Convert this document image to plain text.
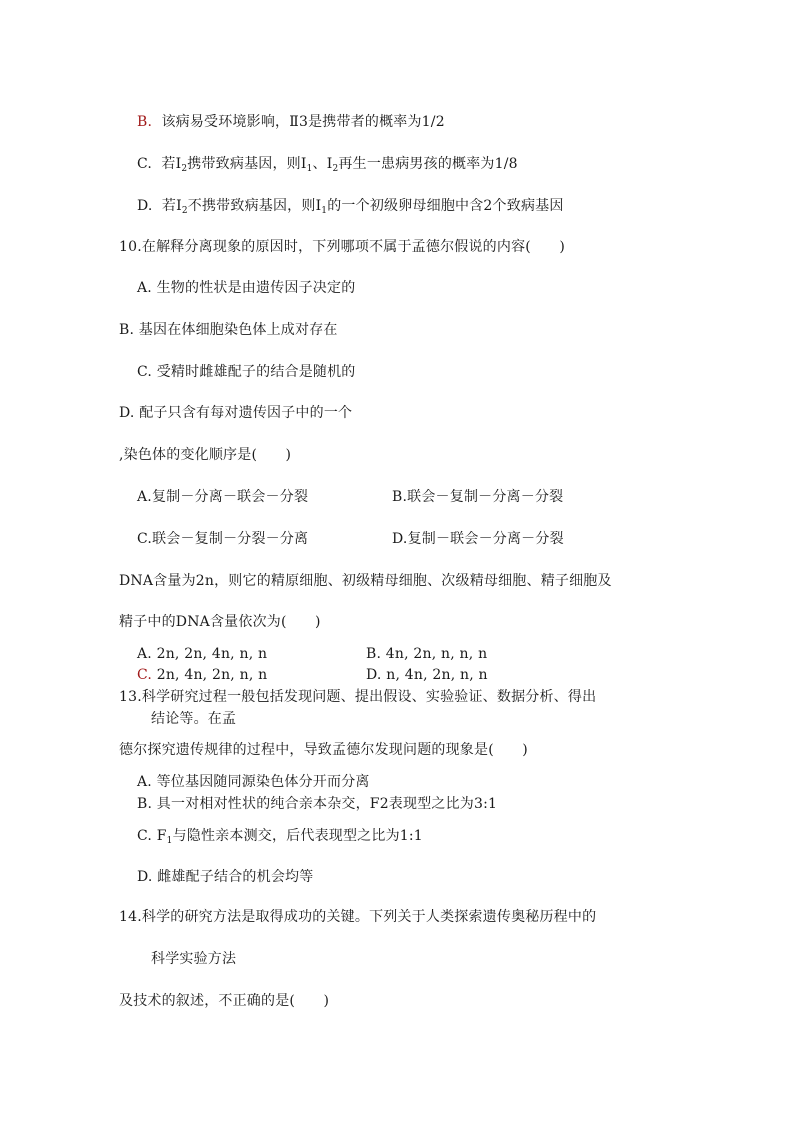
B. 该病易受环境影响，Ⅱ3是携带者的概率为1/2
C. 若$I_2$携带致病基因，则$I_1$、$I_2$再生一患病男孩的概率为1/8
D. 若$I_2$不携带致病基因，则$I_1$的一个初级卵母细胞中含2个致病基因
10.在解释分离现象的原因时，下列哪项不属于孟德尔假说的内容(　　)
A. 生物的性状是由遗传因子决定的
B. 基因在体细胞染色体上成对存在
C. 受精时雌雄配子的结合是随机的
D. 配子只含有每对遗传因子中的一个
,染色体的变化顺序是(　　)
A.复制－分离－联会－分裂	B.联会－复制－分离－分裂
C.联会－复制－分裂－分离	D.复制－联会－分离－分裂
DNA含量为2n，则它的精原细胞、初级精母细胞、次级精母细胞、精子细胞及
精子中的DNA含量依次为(　　)
A. 2n, 2n, 4n, n, n	B. 4n, 2n, n, n, n
C. 2n, 4n, 2n, n, n	D. n, 4n, 2n, n, n
13.科学研究过程一般包括发现问题、提出假设、实验验证、数据分析、得出
结论等。在孟
德尔探究遗传规律的过程中，导致孟德尔发现问题的现象是(　　)
A. 等位基因随同源染色体分开而分离
B. 具一对相对性状的纯合亲本杂交，F2表现型之比为3:1
C. $F_1$与隐性亲本测交，后代表现型之比为1:1
D. 雌雄配子结合的机会均等
14.科学的研究方法是取得成功的关键。下列关于人类探索遗传奥秘历程中的
科学实验方法
及技术的叙述，不正确的是(　　)
